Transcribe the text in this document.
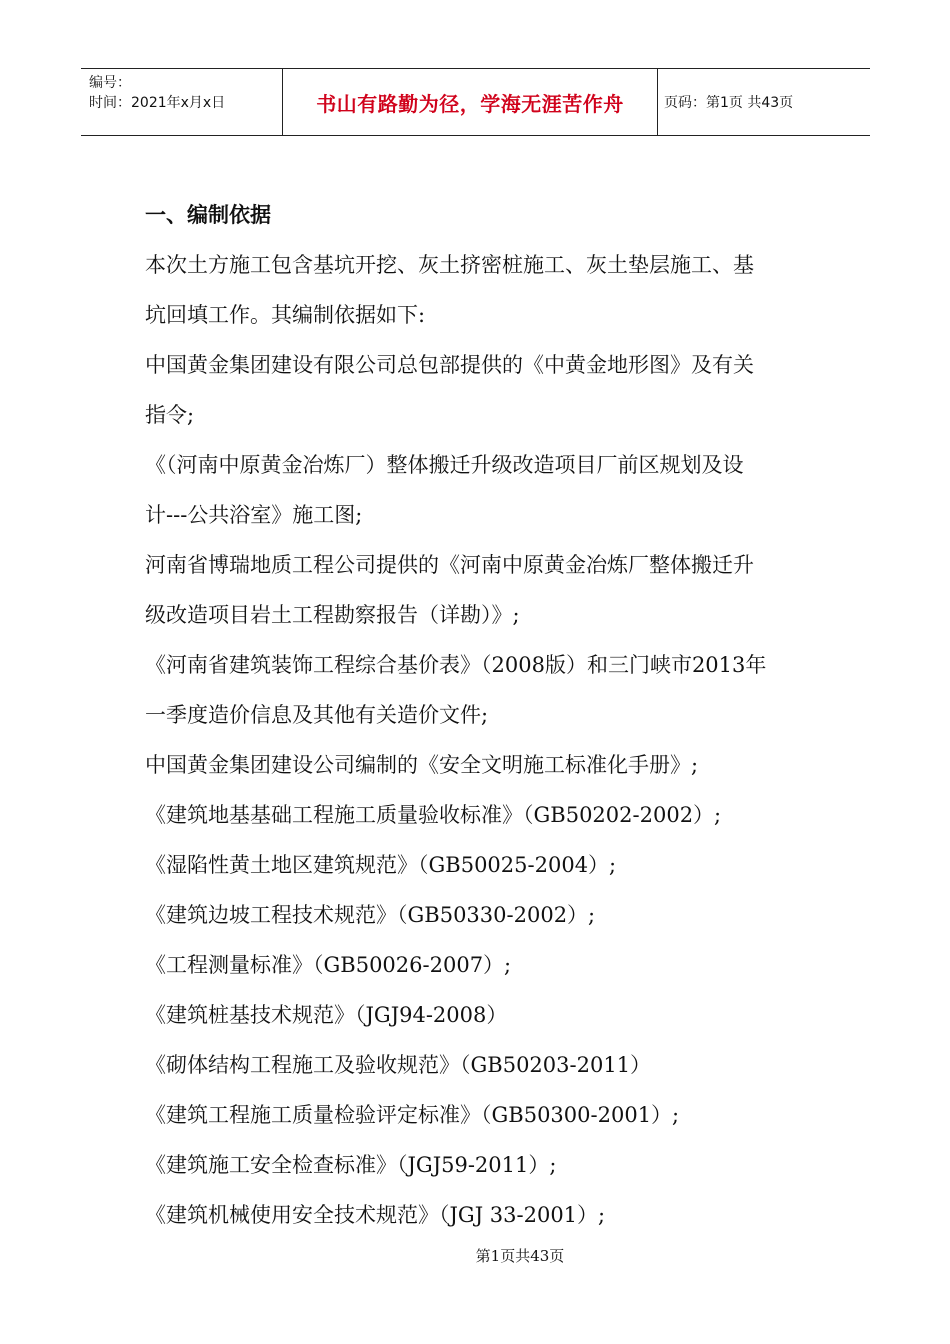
编号：
时间：2021年x月x日	书山有路勤为径，学海无涯苦作舟	页码：第1页 共43页
一、编制依据
本次土方施工包含基坑开挖、灰土挤密桩施工、灰土垫层施工、基
坑回填工作。其编制依据如下:
中国黄金集团建设有限公司总包部提供的《中黄金地形图》及有关
指令;
《（河南中原黄金冶炼厂）整体搬迁升级改造项目厂前区规划及设
计---公共浴室》施工图;
河南省博瑞地质工程公司提供的《河南中原黄金冶炼厂整体搬迁升
级改造项目岩土工程勘察报告（详勘）》;
《河南省建筑装饰工程综合基价表》（2008版）和三门峡市2013年
一季度造价信息及其他有关造价文件;
中国黄金集团建设公司编制的《安全文明施工标准化手册》;
《建筑地基基础工程施工质量验收标准》（GB50202-2002）;
《湿陷性黄土地区建筑规范》（GB50025-2004）;
《建筑边坡工程技术规范》（GB50330-2002）;
《工程测量标准》（GB50026-2007）;
《建筑桩基技术规范》（JGJ94-2008）
《砌体结构工程施工及验收规范》（GB50203-2011）
《建筑工程施工质量检验评定标准》（GB50300-2001）;
《建筑施工安全检查标准》（JGJ59-2011）;
《建筑机械使用安全技术规范》（JGJ 33-2001）;
第1页共43页
